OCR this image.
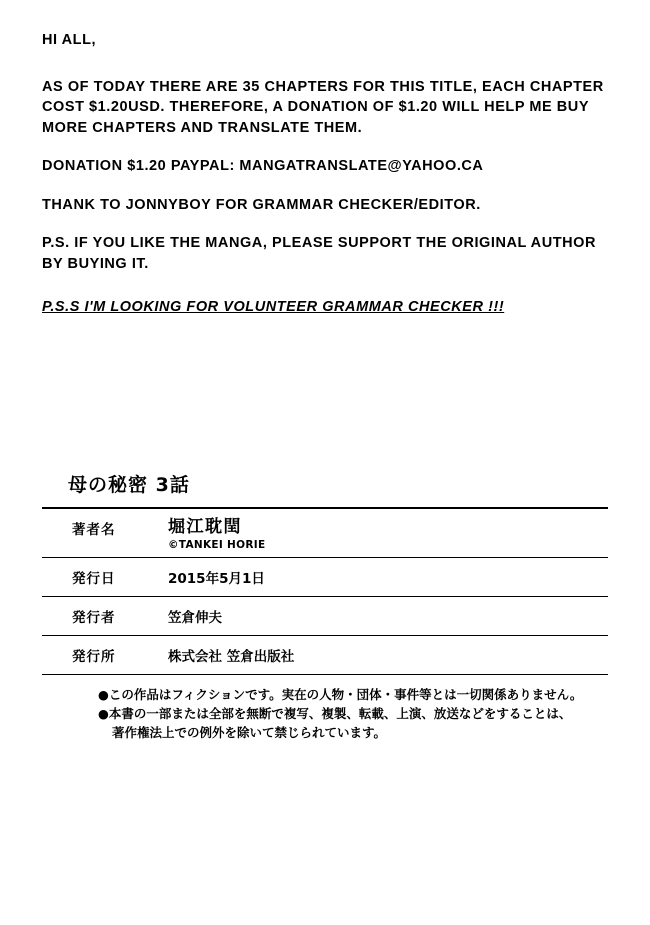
HI ALL,

AS OF TODAY THERE ARE 35 CHAPTERS FOR THIS TITLE, EACH CHAPTER COST $1.20USD. THEREFORE, A DONATION OF $1.20 WILL HELP ME BUY MORE CHAPTERS AND TRANSLATE THEM.

DONATION $1.20 PAYPAL: MANGATRANSLATE@YAHOO.CA

THANK TO JONNYBOY FOR GRAMMAR CHECKER/EDITOR.

P.S. IF YOU LIKE THE MANGA, PLEASE SUPPORT THE ORIGINAL AUTHOR BY BUYING IT.

P.S.S I'M LOOKING FOR VOLUNTEER GRAMMAR CHECKER !!!

母の秘密 3話
著者名	堀江耽閏
©TANKEI HORIE
発行日	2015年5月1日
発行者	笠倉伸夫
発行所	株式会社 笠倉出版社
●この作品はフィクションです。実在の人物・団体・事件等とは一切関係ありません。
●本書の一部または全部を無断で複写、複製、転載、上演、放送などをすることは、
著作権法上での例外を除いて禁じられています。
